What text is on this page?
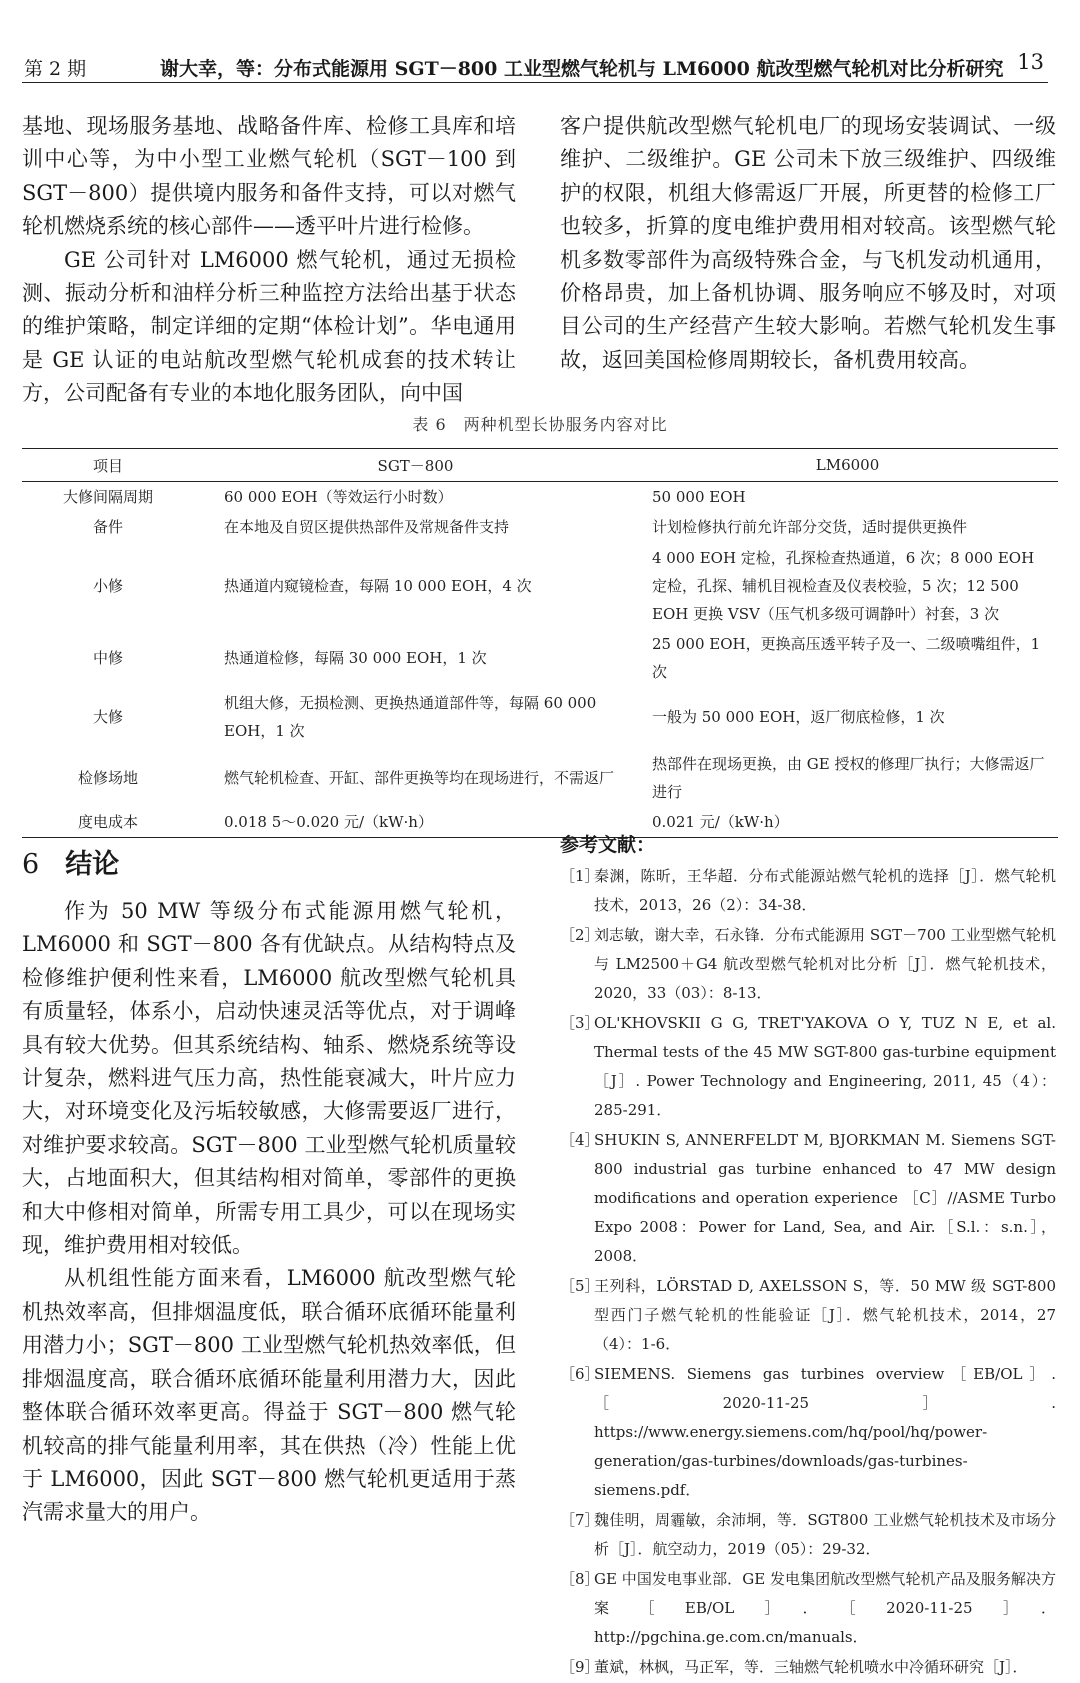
第 2 期	谢大幸，等：分布式能源用 SGT－800 工业型燃气轮机与 LM6000 航改型燃气轮机对比分析研究 13

基地、现场服务基地、战略备件库、检修工具库和培训中心等，为中小型工业燃气轮机（SGT－100 到 SGT－800）提供境内服务和备件支持，可以对燃气轮机燃烧系统的核心部件——透平叶片进行检修。

GE 公司针对 LM6000 燃气轮机，通过无损检测、振动分析和油样分析三种监控方法给出基于状态的维护策略，制定详细的定期“体检计划”。华电通用是 GE 认证的电站航改型燃气轮机成套的技术转让方，公司配备有专业的本地化服务团队，向中国

客户提供航改型燃气轮机电厂的现场安装调试、一级维护、二级维护。GE 公司未下放三级维护、四级维护的权限，机组大修需返厂开展，所更替的检修工厂也较多，折算的度电维护费用相对较高。该型燃气轮机多数零部件为高级特殊合金，与飞机发动机通用，价格昂贵，加上备机协调、服务响应不够及时，对项目公司的生产经营产生较大影响。若燃气轮机发生事故，返回美国检修周期较长，备机费用较高。

表 6　两种机型长协服务内容对比
项目	SGT－800	LM6000
大修间隔周期	60 000 EOH（等效运行小时数）	50 000 EOH
备件	在本地及自贸区提供热部件及常规备件支持	计划检修执行前允许部分交货，适时提供更换件
小修	热通道内窥镜检查，每隔 10 000 EOH，4 次	4 000 EOH 定检，孔探检查热通道，6 次；8 000 EOH 定检，孔探、辅机目视检查及仪表校验，5 次；12 500 EOH 更换 VSV（压气机多级可调静叶）衬套，3 次
中修	热通道检修，每隔 30 000 EOH，1 次	25 000 EOH，更换高压透平转子及一、二级喷嘴组件，1 次
大修	机组大修，无损检测、更换热通道部件等，每隔 60 000 EOH，1 次	一般为 50 000 EOH，返厂彻底检修，1 次
检修场地	燃气轮机检查、开缸、部件更换等均在现场进行，不需返厂	热部件在现场更换，由 GE 授权的修理厂执行；大修需返厂进行
度电成本	0.018 5～0.020 元/（kW·h）	0.021 元/（kW·h）
6 结论

作为 50 MW 等级分布式能源用燃气轮机，LM6000 和 SGT－800 各有优缺点。从结构特点及检修维护便利性来看，LM6000 航改型燃气轮机具有质量轻，体系小，启动快速灵活等优点，对于调峰具有较大优势。但其系统结构、轴系、燃烧系统等设计复杂，燃料进气压力高，热性能衰减大，叶片应力大，对环境变化及污垢较敏感，大修需要返厂进行，对维护要求较高。SGT－800 工业型燃气轮机质量较大，占地面积大，但其结构相对简单，零部件的更换和大中修相对简单，所需专用工具少，可以在现场实现，维护费用相对较低。

从机组性能方面来看，LM6000 航改型燃气轮机热效率高，但排烟温度低，联合循环底循环能量利用潜力小；SGT－800 工业型燃气轮机热效率低，但排烟温度高，联合循环底循环能量利用潜力大，因此整体联合循环效率更高。得益于 SGT－800 燃气轮机较高的排气能量利用率，其在供热（冷）性能上优于 LM6000，因此 SGT－800 燃气轮机更适用于蒸汽需求量大的用户。

参考文献：
［1］
秦渊，陈昕，王华超．分布式能源站燃气轮机的选择［J］．燃气轮机技术，2013，26（2）：34-38．
［2］
刘志敏，谢大幸，石永锋．分布式能源用 SGT－700 工业型燃气轮机与 LM2500＋G4 航改型燃气轮机对比分析［J］．燃气轮机技术，2020，33（03）：8-13．
［3］
OL'KHOVSKII G G, TRET'YAKOVA O Y, TUZ N E, et al. Thermal tests of the 45 MW SGT-800 gas-turbine equipment［J］. Power Technology and Engineering, 2011, 45（4）：285-291．
［4］
SHUKIN S, ANNERFELDT M, BJORKMAN M. Siemens SGT-800 industrial gas turbine enhanced to 47 MW design modifications and operation experience ［C］//ASME Turbo Expo 2008：Power for Land, Sea, and Air.［S.l.：s.n.］，2008．
［5］
王列科，LÖRSTAD D, AXELSSON S，等．50 MW 级 SGT-800 型西门子燃气轮机的性能验证［J］．燃气轮机技术，2014，27（4）：1-6．
［6］
SIEMENS. Siemens gas turbines overview［EB/OL］.［2020-11-25］. https://www.energy.siemens.com/hq/pool/hq/power-generation/gas-turbines/downloads/gas-turbines-siemens.pdf．
［7］
魏佳明，周霾敏，余沛垌，等．SGT800 工业燃气轮机技术及市场分析［J］．航空动力，2019（05）：29-32．
［8］
GE 中国发电事业部．GE 发电集团航改型燃气轮机产品及服务解决方案［EB/OL］．［2020-11-25］．http://pgchina.ge.com.cn/manuals．
［9］
董斌，林枫，马正军，等．三轴燃气轮机喷水中冷循环研究［J］．
